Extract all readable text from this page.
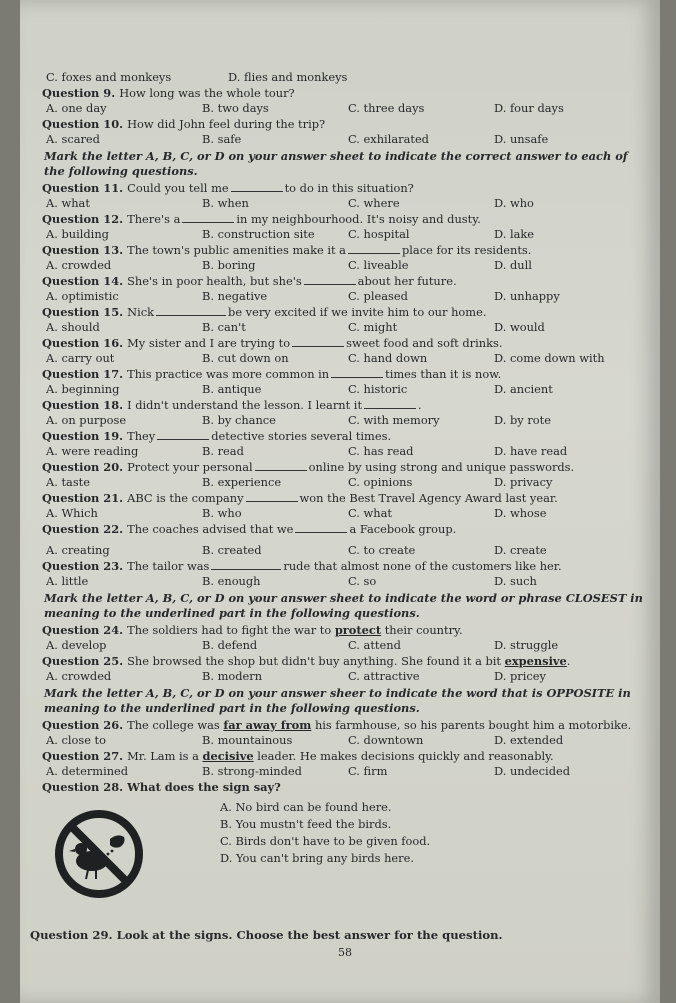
C. foxes and monkeys	D. flies and monkeys
Question 9. How long was the whole tour?
A. one day	B. two days	C. three days	D. four days
Question 10. How did John feel during the trip?
A. scared	B. safe	C. exhilarated	D. unsafe
Mark the letter A, B, C, or D on your answer sheet to indicate the correct answer to each of the following questions.
Question 11. Could you tell me	to do in this situation?
A. what	B. when	C. where	D. who
Question 12. There's a	in my neighbourhood. It's noisy and dusty.
A. building	B. construction site	C. hospital	D. lake
Question 13. The town's public amenities make it a	place for its residents.
A. crowded	B. boring	C. liveable	D. dull
Question 14. She's in poor health, but she's	about her future.
A. optimistic	B. negative	C. pleased	D. unhappy
Question 15. Nick	be very excited if we invite him to our home.
A. should	B. can't	C. might	D. would
Question 16. My sister and I are trying to	sweet food and soft drinks.
A. carry out	B. cut down on	C. hand down	D. come down with
Question 17. This practice was more common in	times than it is now.
A. beginning	B. antique	C. historic	D. ancient
Question 18. I didn't understand the lesson. I learnt it	.
A. on purpose	B. by chance	C. with memory	D. by rote
Question 19. They	detective stories several times.
A. were reading	B. read	C. has read	D. have read
Question 20. Protect your personal	online by using strong and unique passwords.
A. taste	B. experience	C. opinions	D. privacy
Question 21. ABC is the company	won the Best Travel Agency Award last year.
A. Which	B. who	C. what	D. whose
Question 22. The coaches advised that we	a Facebook group.
A. creating	B. created	C. to create	D. create
Question 23. The tailor was	rude that almost none of the customers like her.
A. little	B. enough	C. so	D. such
Mark the letter A, B, C, or D on your answer sheet to indicate the word or phrase CLOSEST in meaning to the underlined part in the following questions.
Question 24. The soldiers had to fight the war to protect their country.
A. develop	B. defend	C. attend	D. struggle
Question 25. She browsed the shop but didn't buy anything. She found it a bit expensive.
A. crowded	B. modern	C. attractive	D. pricey
Mark the letter A, B, C, or D on your answer sheer to indicate the word that is OPPOSITE in meaning to the underlined part in the following questions.
Question 26. The college was far away from his farmhouse, so his parents bought him a motorbike.
A. close to	B. mountainous	C. downtown	D. extended
Question 27. Mr. Lam is a decisive leader. He makes decisions quickly and reasonably.
A. determined	B. strong-minded	C. firm	D. undecided
Question 28. What does the sign say?
A. No bird can be found here.
B. You mustn't feed the birds.
C. Birds don't have to be given food.
D. You can't bring any birds here.
Question 29. Look at the signs. Choose the best answer for the question.
58
